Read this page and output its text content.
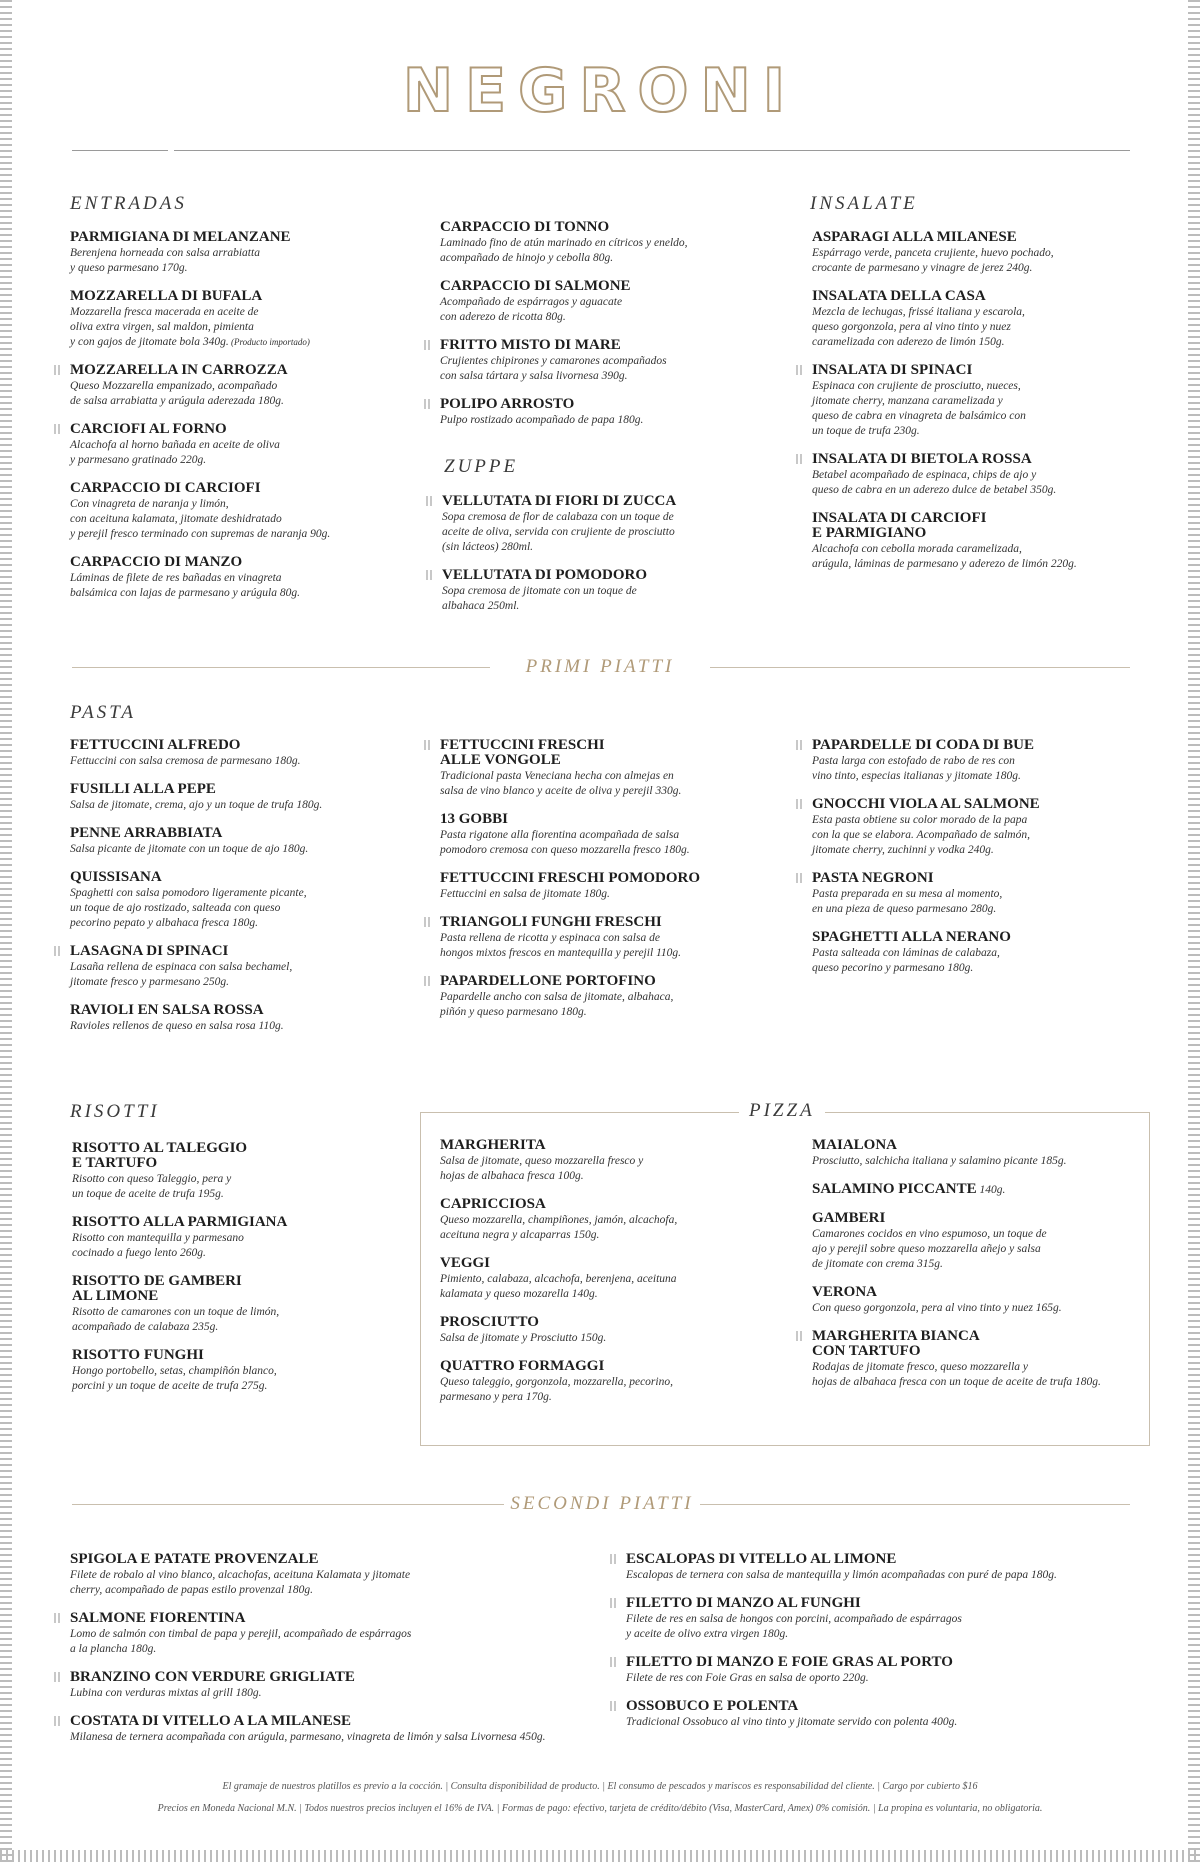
NEGRONI
ENTRADAS	INSALATE
ZUPPE
PARMIGIANA DI MELANZANE
Berenjena horneada con salsa arrabiatta
y queso parmesano 170g.
MOZZARELLA DI BUFALA
Mozzarella fresca macerada en aceite de
oliva extra virgen, sal maldon, pimienta
y con gajos de jitomate bola 340g. (Producto importado)
MOZZARELLA IN CARROZZA
Queso Mozzarella empanizado, acompañado
de salsa arrabiatta y arúgula aderezada 180g.
CARCIOFI AL FORNO
Alcachofa al horno bañada en aceite de oliva
y parmesano gratinado 220g.
CARPACCIO DI CARCIOFI
Con vinagreta de naranja y limón,
con aceituna kalamata, jitomate deshidratado
y perejil fresco terminado con supremas de naranja 90g.
CARPACCIO DI MANZO
Láminas de filete de res bañadas en vinagreta
balsámica con lajas de parmesano y arúgula 80g.
CARPACCIO DI TONNO
Laminado fino de atún marinado en cítricos y eneldo,
acompañado de hinojo y cebolla 80g.
CARPACCIO DI SALMONE
Acompañado de espárragos y aguacate
con aderezo de ricotta 80g.
FRITTO MISTO DI MARE
Crujientes chipirones y camarones acompañados
con salsa tártara y salsa livornesa 390g.
POLIPO ARROSTO
Pulpo rostizado acompañado de papa 180g.
VELLUTATA DI FIORI DI ZUCCA
Sopa cremosa de flor de calabaza con un toque de
aceite de oliva, servida con crujiente de prosciutto
(sin lácteos) 280ml.
VELLUTATA DI POMODORO
Sopa cremosa de jitomate con un toque de
albahaca 250ml.
ASPARAGI ALLA MILANESE
Espárrago verde, panceta crujiente, huevo pochado,
crocante de parmesano y vinagre de jerez 240g.
INSALATA DELLA CASA
Mezcla de lechugas, frissé italiana y escarola,
queso gorgonzola, pera al vino tinto y nuez
caramelizada con aderezo de limón 150g.
INSALATA DI SPINACI
Espinaca con crujiente de prosciutto, nueces,
jitomate cherry, manzana caramelizada y
queso de cabra en vinagreta de balsámico con
un toque de trufa 230g.
INSALATA DI BIETOLA ROSSA
Betabel acompañado de espinaca, chips de ajo y
queso de cabra en un aderezo dulce de betabel 350g.
INSALATA DI CARCIOFI
E PARMIGIANO
Alcachofa con cebolla morada caramelizada,
arúgula, láminas de parmesano y aderezo de limón 220g.
PRIMI PIATTI
PASTA
FETTUCCINI ALFREDO
Fettuccini con salsa cremosa de parmesano 180g.
FUSILLI ALLA PEPE
Salsa de jitomate, crema, ajo y un toque de trufa 180g.
PENNE ARRABBIATA
Salsa picante de jitomate con un toque de ajo 180g.
QUISSISANA
Spaghetti con salsa pomodoro ligeramente picante,
un toque de ajo rostizado, salteada con queso
pecorino pepato y albahaca fresca 180g.
LASAGNA DI SPINACI
Lasaña rellena de espinaca con salsa bechamel,
jitomate fresco y parmesano 250g.
RAVIOLI EN SALSA ROSSA
Ravioles rellenos de queso en salsa rosa 110g.
FETTUCCINI FRESCHI
ALLE VONGOLE
Tradicional pasta Veneciana hecha con almejas en
salsa de vino blanco y aceite de oliva y perejil 330g.
13 GOBBI
Pasta rigatone alla fiorentina acompañada de salsa
pomodoro cremosa con queso mozzarella fresco 180g.
FETTUCCINI FRESCHI POMODORO
Fettuccini en salsa de jitomate 180g.
TRIANGOLI FUNGHI FRESCHI
Pasta rellena de ricotta y espinaca con salsa de
hongos mixtos frescos en mantequilla y perejil 110g.
PAPARDELLONE PORTOFINO
Papardelle ancho con salsa de jitomate, albahaca,
piñón y queso parmesano 180g.
PAPARDELLE DI CODA DI BUE
Pasta larga con estofado de rabo de res con
vino tinto, especias italianas y jitomate 180g.
GNOCCHI VIOLA AL SALMONE
Esta pasta obtiene su color morado de la papa
con la que se elabora. Acompañado de salmón,
jitomate cherry, zuchinni y vodka 240g.
PASTA NEGRONI
Pasta preparada en su mesa al momento,
en una pieza de queso parmesano 280g.
SPAGHETTI ALLA NERANO
Pasta salteada con láminas de calabaza,
queso pecorino y parmesano 180g.
RISOTTI
RISOTTO AL TALEGGIO
E TARTUFO
Risotto con queso Taleggio, pera y
un toque de aceite de trufa 195g.
RISOTTO ALLA PARMIGIANA
Risotto con mantequilla y parmesano
cocinado a fuego lento 260g.
RISOTTO DE GAMBERI
AL LIMONE
Risotto de camarones con un toque de limón,
acompañado de calabaza 235g.
RISOTTO FUNGHI
Hongo portobello, setas, champiñón blanco,
porcini y un toque de aceite de trufa 275g.
PIZZA
MARGHERITA
Salsa de jitomate, queso mozzarella fresco y
hojas de albahaca fresca 100g.
CAPRICCIOSA
Queso mozzarella, champiñones, jamón, alcachofa,
aceituna negra y alcaparras 150g.
VEGGI
Pimiento, calabaza, alcachofa, berenjena, aceituna
kalamata y queso mozarella 140g.
PROSCIUTTO
Salsa de jitomate y Prosciutto 150g.
QUATTRO FORMAGGI
Queso taleggio, gorgonzola, mozzarella, pecorino,
parmesano y pera 170g.
MAIALONA
Prosciutto, salchicha italiana y salamino picante 185g.
SALAMINO PICCANTE 140g.
GAMBERI
Camarones cocidos en vino espumoso, un toque de
ajo y perejil sobre queso mozzarella añejo y salsa
de jitomate con crema 315g.
VERONA
Con queso gorgonzola, pera al vino tinto y nuez 165g.
MARGHERITA BIANCA
CON TARTUFO
Rodajas de jitomate fresco, queso mozzarella y
hojas de albahaca fresca con un toque de aceite de trufa 180g.
SECONDI PIATTI
SPIGOLA E PATATE PROVENZALE
Filete de robalo al vino blanco, alcachofas, aceituna Kalamata y jitomate
cherry, acompañado de papas estilo provenzal 180g.
SALMONE FIORENTINA
Lomo de salmón con timbal de papa y perejil, acompañado de espárragos
a la plancha 180g.
BRANZINO CON VERDURE GRIGLIATE
Lubina con verduras mixtas al grill 180g.
COSTATA DI VITELLO A LA MILANESE
Milanesa de ternera acompañada con arúgula, parmesano, vinagreta de limón y salsa Livornesa 450g.
ESCALOPAS DI VITELLO AL LIMONE
Escalopas de ternera con salsa de mantequilla y limón acompañadas con puré de papa 180g.
FILETTO DI MANZO AL FUNGHI
Filete de res en salsa de hongos con porcini, acompañado de espárragos
y aceite de olivo extra virgen 180g.
FILETTO DI MANZO E FOIE GRAS AL PORTO
Filete de res con Foie Gras en salsa de oporto 220g.
OSSOBUCO E POLENTA
Tradicional Ossobuco al vino tinto y jitomate servido con polenta 400g.
El gramaje de nuestros platillos es previo a la cocción. | Consulta disponibilidad de producto. | El consumo de pescados y mariscos es responsabilidad del cliente. | Cargo por cubierto $16
Precios en Moneda Nacional M.N. | Todos nuestros precios incluyen el 16% de IVA. | Formas de pago: efectivo, tarjeta de crédito/débito (Visa, MasterCard, Amex) 0% comisión. | La propina es voluntaria, no obligatoria.
